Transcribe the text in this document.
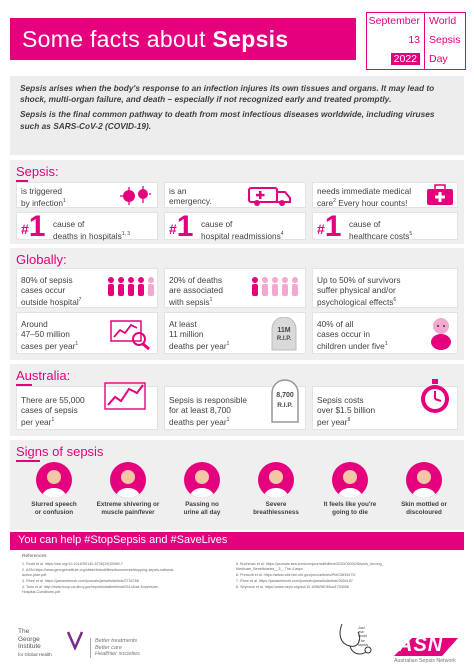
Some facts about Sepsis
September
13
2022
World
Sepsis
Day

Sepsis arises when the body's response to an infection injures its own tissues and organs. It may lead to shock, multi-organ failure, and death – especially if not recognized early and treated promptly.

Sepsis is the final common pathway to death from most infectious diseases worldwide, including viruses such as SARS-CoV-2 (COVID-19).

Sepsis:
is triggered
by infection$^1$
is an
emergency.
needs immediate medical
care$^2$ Every hour counts!
#1 cause of
deaths in hospitals$^{1, 3}$	#1 cause of
hospital readmissions$^4$ #1 cause of
healthcare costs$^5$
Globally:
80% of sepsis
cases occur
outside hospital$^7$
20% of deaths
are associated
with sepsis$^1$
Up to 50% of survivors
suffer physical and/or
psychological effects$^6$
Around
47–50 million
cases per year$^1$
At least
11 million
deaths per year$^1$
11M
R.I.P.
40% of all
cases occur in
children under five$^1$
Australia:
There are 55,000
cases of sepsis
per year$^1$
Sepsis is responsible
for at least 8,700
deaths per year$^1$
8,700
R.I.P.
Sepsis costs
over $1.5 billion
per year$^8$
Signs of sepsis
Slurred speech
or confusion
Extreme shivering or
muscle pain/fever
Passing no
urine all day
Severe
breathlessness
It feels like you're
going to die
Skin mottled or
discoloured
You can help #StopSepsis and #SaveLives
References
1. Rudd et al. https://doi.org/10.1016/S0140-6736(19)32989-7
2. ASN https://www.georgeinstitute.org/sites/default/files/documents/stopping-sepsis-national-
action-plan.pdf
3. Rhee et al. https://jamanetwork.com/journals/jama/fullarticle/2734768
4. Torio et al. http://www.hcup-us.ahrq.gov/reports/statbriefs/sb204-Most-Expensive-
Hospital-Conditions.pdf
5. Buchman et al. https://journals.lww.com/ccmjournal/fulltext/2020/03000/Sepsis_Among_
Medicare_Beneficiaries__3__The.4.aspx
6. Prescott et al. https://www.ncbi.nlm.nih.gov/pmc/articles/PMC5839473/
7. Rhee et al. https://jamanetwork.com/journals/jama/fullarticle/2654187
8. Seymour et al. https://www.nejm.org/doi/10.1056/NEJMoa1703058
The
George
Institute
for Global Health
Better treatments
Better care
Healthier societies
Just
ask:
could
it be
sepsis ASN
Australian Sepsis Network
